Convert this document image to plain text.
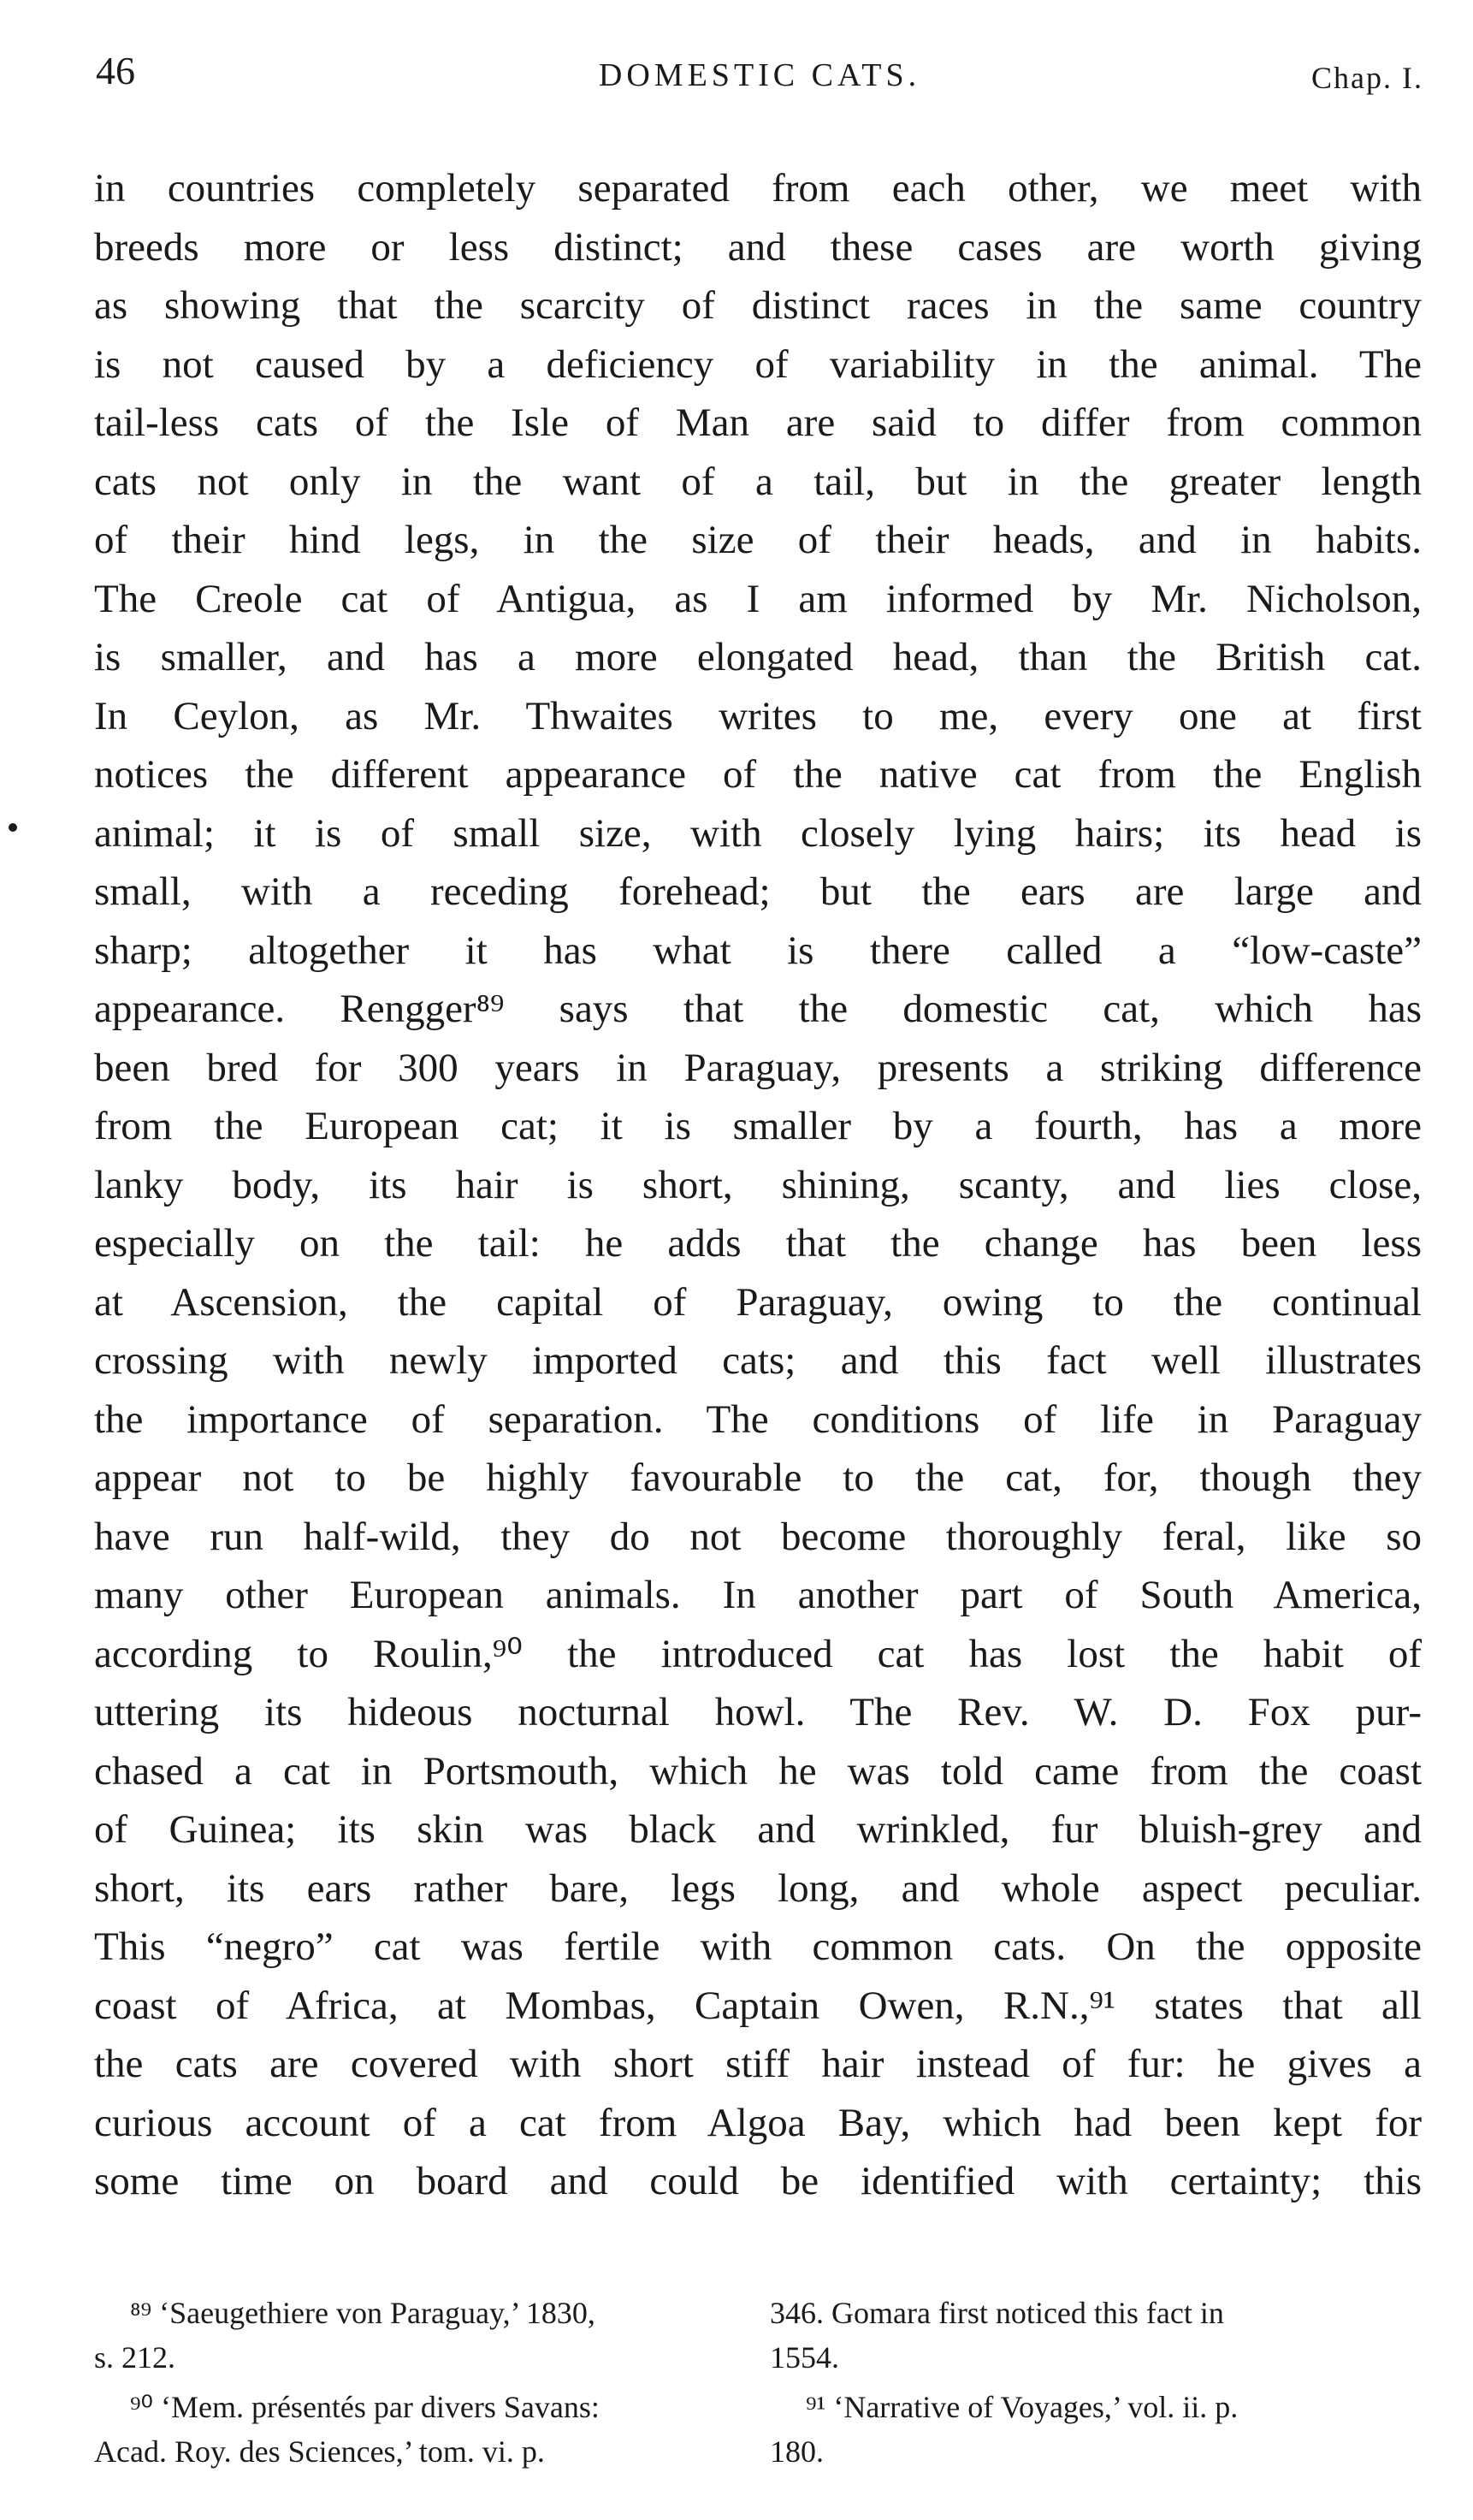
46	DOMESTIC CATS.	Chap. I.
in countries completely separated from each other, we meet with
breeds more or less distinct; and these cases are worth giving
as showing that the scarcity of distinct races in the same country
is not caused by a deficiency of variability in the animal. The
tail-less cats of the Isle of Man are said to differ from common
cats not only in the want of a tail, but in the greater length
of their hind legs, in the size of their heads, and in habits.
The Creole cat of Antigua, as I am informed by Mr. Nicholson,
is smaller, and has a more elongated head, than the British cat.
In Ceylon, as Mr. Thwaites writes to me, every one at first
notices the different appearance of the native cat from the English
animal; it is of small size, with closely lying hairs; its head is
small, with a receding forehead; but the ears are large and
sharp; altogether it has what is there called a “low-caste”
appearance. Rengger⁸⁹ says that the domestic cat, which has
been bred for 300 years in Paraguay, presents a striking difference
from the European cat; it is smaller by a fourth, has a more
lanky body, its hair is short, shining, scanty, and lies close,
especially on the tail: he adds that the change has been less
at Ascension, the capital of Paraguay, owing to the continual
crossing with newly imported cats; and this fact well illustrates
the importance of separation. The conditions of life in Paraguay
appear not to be highly favourable to the cat, for, though they
have run half-wild, they do not become thoroughly feral, like so
many other European animals. In another part of South America,
according to Roulin,⁹⁰ the introduced cat has lost the habit of
uttering its hideous nocturnal howl. The Rev. W. D. Fox pur-
chased a cat in Portsmouth, which he was told came from the coast
of Guinea; its skin was black and wrinkled, fur bluish-grey and
short, its ears rather bare, legs long, and whole aspect peculiar.
This “negro” cat was fertile with common cats. On the opposite
coast of Africa, at Mombas, Captain Owen, R.N.,⁹¹ states that all
the cats are covered with short stiff hair instead of fur: he gives a
curious account of a cat from Algoa Bay, which had been kept for
some time on board and could be identified with certainty; this
⁸⁹ ‘Saeugethiere von Paraguay,’ 1830,
s. 212.
⁹⁰ ‘Mem. présentés par divers Savans:
Acad. Roy. des Sciences,’ tom. vi. p.
346. Gomara first noticed this fact in
1554.
⁹¹ ‘Narrative of Voyages,’ vol. ii. p.
180.
